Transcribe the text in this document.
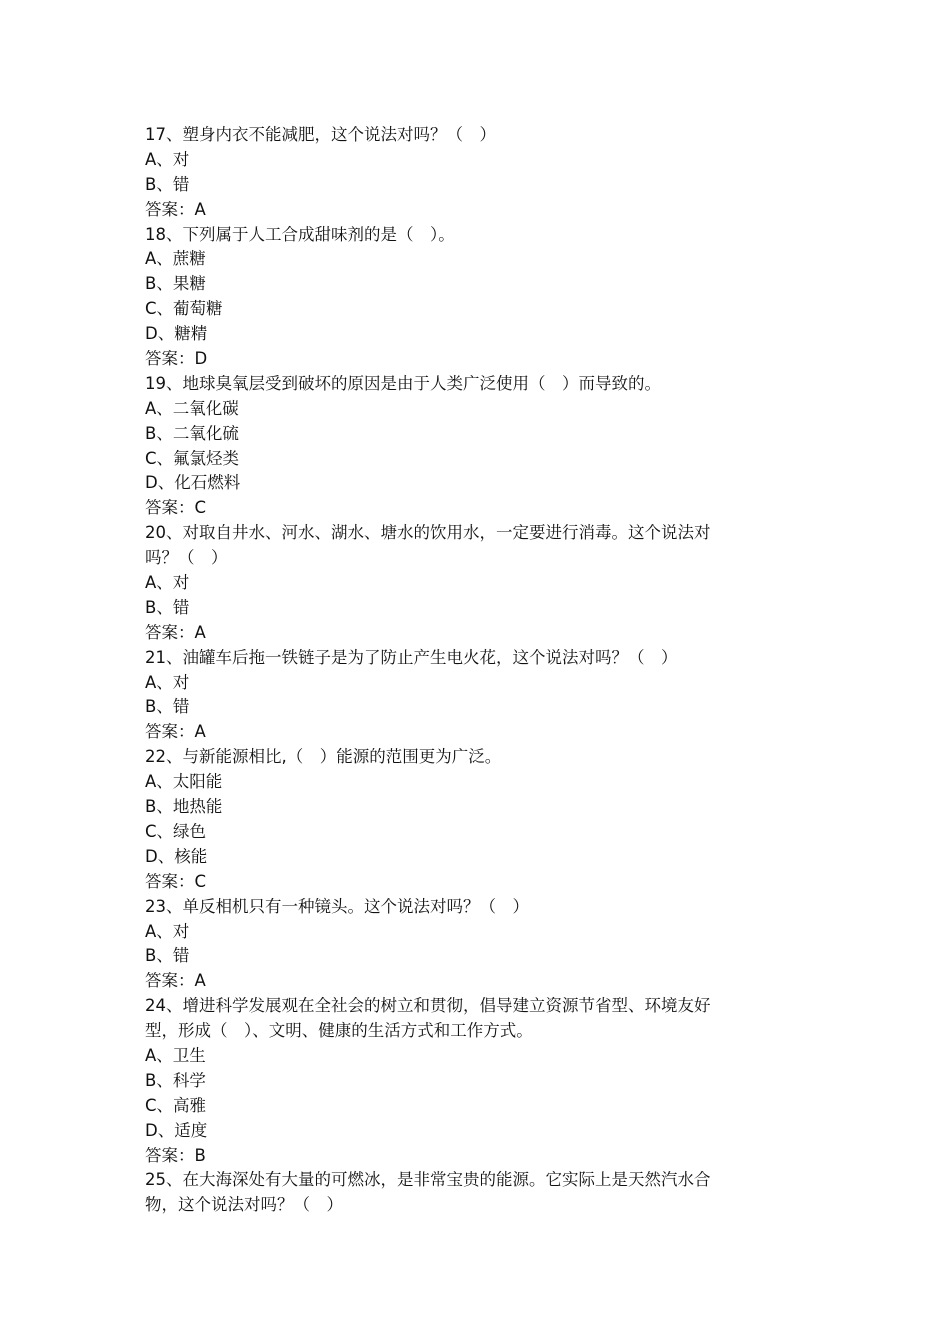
17、塑身内衣不能减肥，这个说法对吗？（　）
A、对
B、错
答案：A
18、下列属于人工合成甜味剂的是（　）。
A、蔗糖
B、果糖
C、葡萄糖
D、糖精
答案：D
19、地球臭氧层受到破坏的原因是由于人类广泛使用（　）而导致的。
A、二氧化碳
B、二氧化硫
C、氟氯烃类
D、化石燃料
答案：C
20、对取自井水、河水、湖水、塘水的饮用水，一定要进行消毒。这个说法对
吗？（　）
A、对
B、错
答案：A
21、油罐车后拖一铁链子是为了防止产生电火花，这个说法对吗？（　）
A、对
B、错
答案：A
22、与新能源相比,（　）能源的范围更为广泛。
A、太阳能
B、地热能
C、绿色
D、核能
答案：C
23、单反相机只有一种镜头。这个说法对吗？（　）
A、对
B、错
答案：A
24、增进科学发展观在全社会的树立和贯彻，倡导建立资源节省型、环境友好
型，形成（　）、文明、健康的生活方式和工作方式。
A、卫生
B、科学
C、高雅
D、适度
答案：B
25、在大海深处有大量的可燃冰，是非常宝贵的能源。它实际上是天然汽水合
物，这个说法对吗？（　）
